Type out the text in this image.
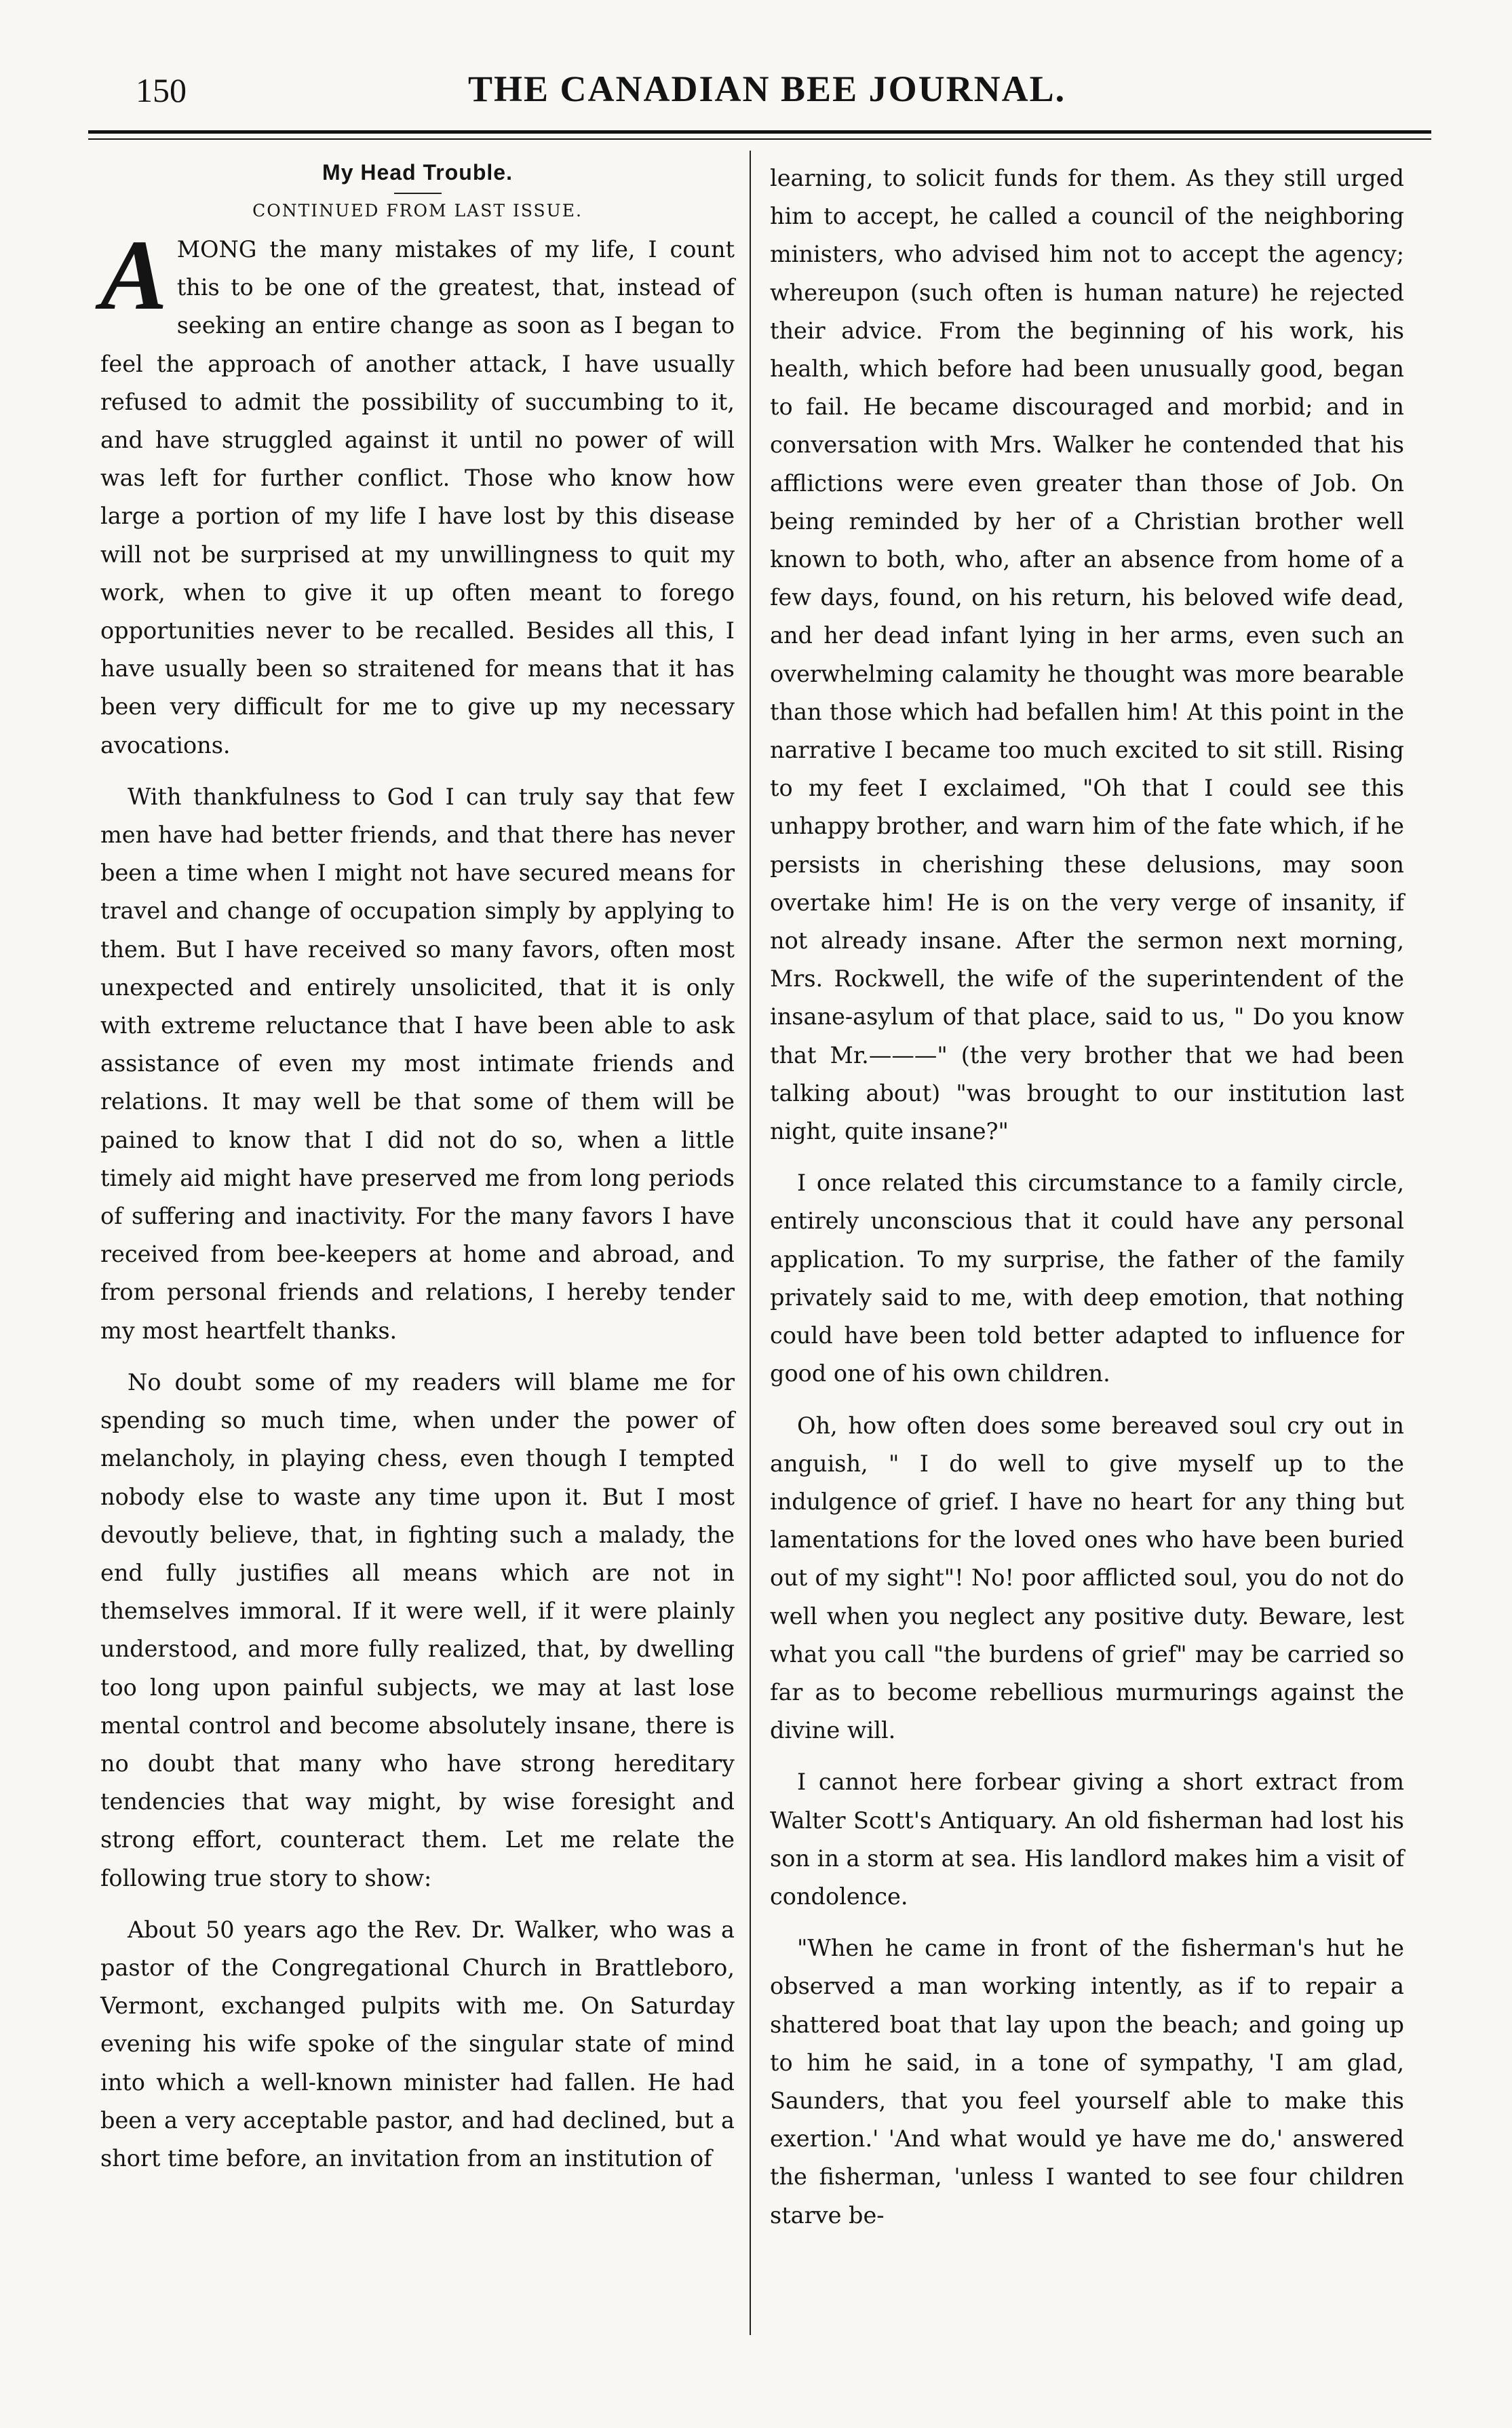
150	THE CANADIAN BEE JOURNAL.
My Head Trouble.
CONTINUED FROM LAST ISSUE.

AMONG the many mistakes of my life, I count this to be one of the greatest, that, instead of seeking an entire change as soon as I began to feel the approach of another attack, I have usually refused to admit the possibility of succumbing to it, and have struggled against it until no power of will was left for further conflict. Those who know how large a portion of my life I have lost by this disease will not be surprised at my unwillingness to quit my work, when to give it up often meant to forego opportunities never to be recalled. Besides all this, I have usually been so straitened for means that it has been very difficult for me to give up my necessary avocations.

With thankfulness to God I can truly say that few men have had better friends, and that there has never been a time when I might not have secured means for travel and change of occupation simply by applying to them. But I have received so many favors, often most unexpected and entirely unsolicited, that it is only with extreme reluctance that I have been able to ask assistance of even my most intimate friends and relations. It may well be that some of them will be pained to know that I did not do so, when a little timely aid might have preserved me from long periods of suffering and inactivity. For the many favors I have received from bee-keepers at home and abroad, and from personal friends and relations, I hereby tender my most heartfelt thanks.

No doubt some of my readers will blame me for spending so much time, when under the power of melancholy, in playing chess, even though I tempted nobody else to waste any time upon it. But I most devoutly believe, that, in fighting such a malady, the end fully justifies all means which are not in themselves immoral. If it were well, if it were plainly understood, and more fully realized, that, by dwelling too long upon painful subjects, we may at last lose mental control and become absolutely insane, there is no doubt that many who have strong hereditary tendencies that way might, by wise foresight and strong effort, counteract them. Let me relate the following true story to show:

About 50 years ago the Rev. Dr. Walker, who was a pastor of the Congregational Church in Brattleboro, Vermont, exchanged pulpits with me. On Saturday evening his wife spoke of the singular state of mind into which a well-known minister had fallen. He had been a very acceptable pastor, and had declined, but a short time before, an invitation from an institution of

learning, to solicit funds for them. As they still urged him to accept, he called a council of the neighboring ministers, who advised him not to accept the agency; whereupon (such often is human nature) he rejected their advice. From the beginning of his work, his health, which before had been unusually good, began to fail. He became discouraged and morbid; and in conversation with Mrs. Walker he contended that his afflictions were even greater than those of Job. On being reminded by her of a Christian brother well known to both, who, after an absence from home of a few days, found, on his return, his beloved wife dead, and her dead infant lying in her arms, even such an overwhelming calamity he thought was more bearable than those which had befallen him! At this point in the narrative I became too much excited to sit still. Rising to my feet I exclaimed, "Oh that I could see this unhappy brother, and warn him of the fate which, if he persists in cherishing these delusions, may soon overtake him! He is on the very verge of insanity, if not already insane. After the sermon next morning, Mrs. Rockwell, the wife of the superintendent of the insane-asylum of that place, said to us, " Do you know that Mr.———" (the very brother that we had been talking about) "was brought to our institution last night, quite insane?"

I once related this circumstance to a family circle, entirely unconscious that it could have any personal application. To my surprise, the father of the family privately said to me, with deep emotion, that nothing could have been told better adapted to influence for good one of his own children.

Oh, how often does some bereaved soul cry out in anguish, " I do well to give myself up to the indulgence of grief. I have no heart for any thing but lamentations for the loved ones who have been buried out of my sight"! No! poor afflicted soul, you do not do well when you neglect any positive duty. Beware, lest what you call "the burdens of grief" may be carried so far as to become rebellious murmurings against the divine will.

I cannot here forbear giving a short extract from Walter Scott's Antiquary. An old fisherman had lost his son in a storm at sea. His landlord makes him a visit of condolence.

"When he came in front of the fisherman's hut he observed a man working intently, as if to repair a shattered boat that lay upon the beach; and going up to him he said, in a tone of sympathy, 'I am glad, Saunders, that you feel yourself able to make this exertion.' 'And what would ye have me do,' answered the fisherman, 'unless I wanted to see four children starve be-
